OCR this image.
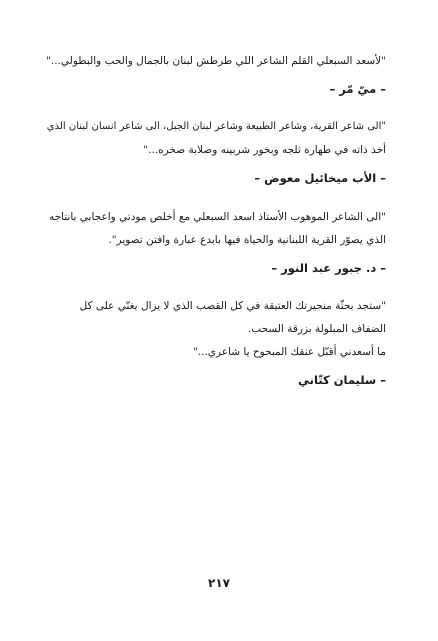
"لأسعد السبعلي القلم الشاعر اللي طرطش لبنان بالجمال والحب والبطولي..."
– ميّ مّر –
"الى شاعر القرية، وشاعر الطبيعة وشاعر لبنان الجبل، الى شاعر انسان لبنان الذي
أخذ ذاته في طهارة ثلجه وبخور شربينه وصلابة صخره..."
– الأب ميخائيل معوض –
"الى الشاعر الموهوب الأستاذ اسعد السبعلي مع أخلص مودتي واعجابي بانتاجه
الذي يصوّر القرية اللبنانية والحياة فيها بابدع عبارة وافتن تصوير".
– د. جبور عبد النور –
"ستجد بحثّة منجيرتك العتيقة في كل القصب الذي لا يزال يغنّي على كل
الضفاف المبلولة بزرقة السحب.
ما أسعدني أقبّل عنقك المبحوح يا شاعري..."
– سليمان كتّاني
٢١٧
